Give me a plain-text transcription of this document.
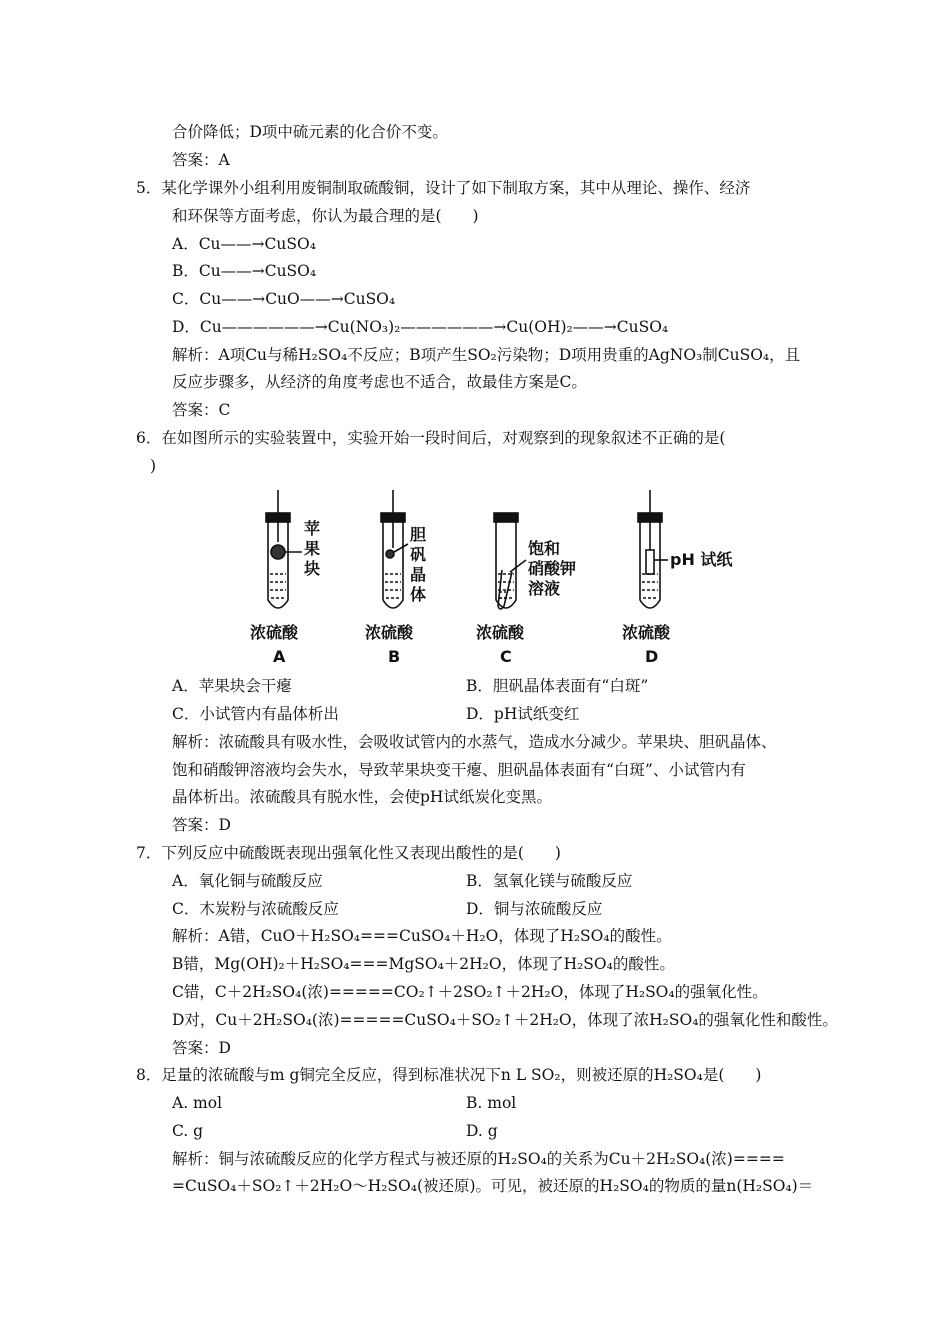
合价降低；D项中硫元素的化合价不变。
答案：A
5．某化学课外小组利用废铜制取硫酸铜，设计了如下制取方案，其中从理论、操作、经济
和环保等方面考虑，你认为最合理的是(　　)
A．Cu——→CuSO₄
B．Cu——→CuSO₄
C．Cu——→CuO——→CuSO₄
D．Cu——————→Cu(NO₃)₂——————→Cu(OH)₂——→CuSO₄
解析：A项Cu与稀H₂SO₄不反应；B项产生SO₂污染物；D项用贵重的AgNO₃制CuSO₄，且
反应步骤多，从经济的角度考虑也不适合，故最佳方案是C。
答案：C
6．在如图所示的实验装置中，实验开始一段时间后，对观察到的现象叙述不正确的是(
)
苹
果
块
胆
矾
晶
体
饱和
硝酸钾
溶液
pH 试纸
浓硫酸	浓硫酸	浓硫酸	浓硫酸
A	B	C	D
A．苹果块会干瘪	B．胆矾晶体表面有“白斑”
C．小试管内有晶体析出	D．pH试纸变红
解析：浓硫酸具有吸水性，会吸收试管内的水蒸气，造成水分减少。苹果块、胆矾晶体、
饱和硝酸钾溶液均会失水，导致苹果块变干瘪、胆矾晶体表面有“白斑”、小试管内有
晶体析出。浓硫酸具有脱水性，会使pH试纸炭化变黑。
答案：D
7．下列反应中硫酸既表现出强氧化性又表现出酸性的是(　　)
A．氧化铜与硫酸反应	B．氢氧化镁与硫酸反应
C．木炭粉与浓硫酸反应	D．铜与浓硫酸反应
解析：A错，CuO＋H₂SO₄===CuSO₄＋H₂O，体现了H₂SO₄的酸性。
B错，Mg(OH)₂＋H₂SO₄===MgSO₄＋2H₂O，体现了H₂SO₄的酸性。
C错，C＋2H₂SO₄(浓)=====CO₂↑＋2SO₂↑＋2H₂O，体现了H₂SO₄的强氧化性。
D对，Cu＋2H₂SO₄(浓)=====CuSO₄＋SO₂↑＋2H₂O，体现了浓H₂SO₄的强氧化性和酸性。
答案：D
8．足量的浓硫酸与m g铜完全反应，得到标准状况下n L SO₂，则被还原的H₂SO₄是(　　)
A. mol	B. mol
C. g	D. g
解析：铜与浓硫酸反应的化学方程式与被还原的H₂SO₄的关系为Cu＋2H₂SO₄(浓)====
=CuSO₄＋SO₂↑＋2H₂O～H₂SO₄(被还原)。可见，被还原的H₂SO₄的物质的量n(H₂SO₄)＝
